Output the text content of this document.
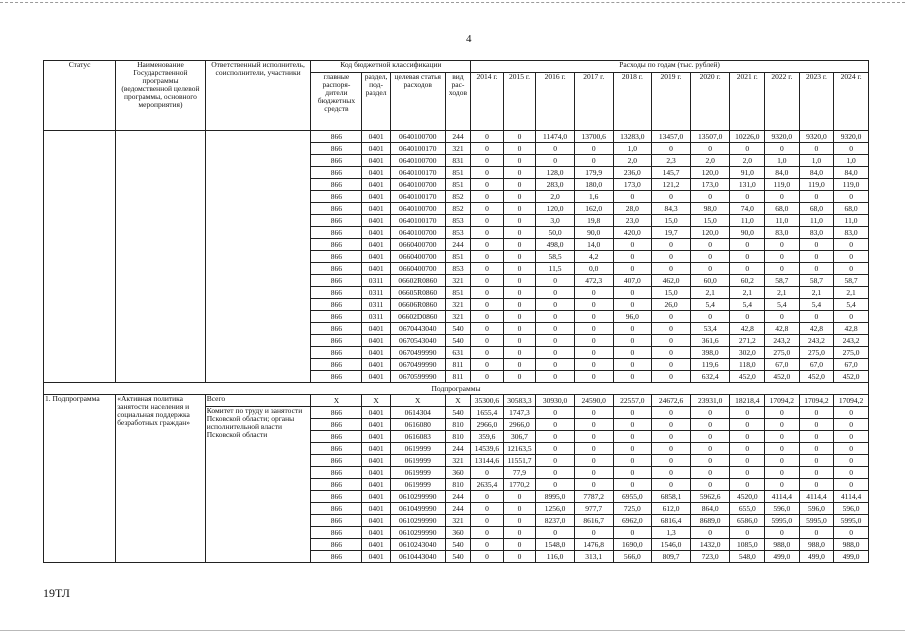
4
Статус	Наименование Государственной программы (ведомственной целевой программы, основного мероприятия)	Ответственный исполнитель, соисполнители, участники	Код бюджетной классификации				Расходы по годам (тыс. рублей)										
			главные распоря-дители бюджетных средств	раздел, под-раздел	целевая статья расходов	вид рас-ходов	2014 г.	2015 г.	2016 г.	2017 г.	2018 г.	2019 г.	2020 г.	2021 г.	2022 г.	2023 г.	2024 г.
			866	0401	0640100700	244	0	0	11474,0	13700,6	13283,0	13457,0	13507,0	10226,0	9320,0	9320,0	9320,0
			866	0401	0640100170	321	0	0	0	0	1,0	0	0	0	0	0	0
			866	0401	0640100700	831	0	0	0	0	2,0	2,3	2,0	2,0	1,0	1,0	1,0
			866	0401	0640100170	851	0	0	128,0	179,9	236,0	145,7	120,0	91,0	84,0	84,0	84,0
			866	0401	0640100700	851	0	0	283,0	180,0	173,0	121,2	173,0	131,0	119,0	119,0	119,0
			866	0401	0640100170	852	0	0	2,0	1,6	0	0	0	0	0	0	0
			866	0401	0640100700	852	0	0	120,0	162,0	28,0	84,3	98,0	74,0	68,0	68,0	68,0
			866	0401	0640100170	853	0	0	3,0	19,8	23,0	15,0	15,0	11,0	11,0	11,0	11,0
			866	0401	0640100700	853	0	0	50,0	90,0	420,0	19,7	120,0	90,0	83,0	83,0	83,0
			866	0401	0660400700	244	0	0	498,0	14,0	0	0	0	0	0	0	0
			866	0401	0660400700	851	0	0	58,5	4,2	0	0	0	0	0	0	0
			866	0401	0660400700	853	0	0	11,5	0,0	0	0	0	0	0	0	0
			866	0311	06602R0860	321	0	0	0	472,3	407,0	462,0	60,0	60,2	58,7	58,7	58,7
			866	0311	06605R0860	851	0	0	0	0	0	15,0	2,1	2,1	2,1	2,1	2,1
			866	0311	06606R0860	321	0	0	0	0	0	26,0	5,4	5,4	5,4	5,4	5,4
			866	0311	06602D0860	321	0	0	0	0	96,0	0	0	0	0	0	0
			866	0401	0670443040	540	0	0	0	0	0	0	53,4	42,8	42,8	42,8	42,8
			866	0401	0670543040	540	0	0	0	0	0	0	361,6	271,2	243,2	243,2	243,2
			866	0401	0670499990	631	0	0	0	0	0	0	398,0	302,0	275,0	275,0	275,0
			866	0401	0670499990	811	0	0	0	0	0	0	119,6	118,0	67,0	67,0	67,0
			866	0401	0670599990	811	0	0	0	0	0	0	632,4	452,0	452,0	452,0	452,0
Подпрограммы																	
1. Подпрограмма	«Активная политика занятости населения и социальная поддержка безработных граждан»	Всего	X	X	X	X	35300,6	30583,3	30930,0	24590,0	22557,0	24672,6	23931,0	18218,4	17094,2	17094,2	17094,2
		Комитет по труду и занятости Псковской области; органы исполнительной власти Псковской области	866	0401	0614304	540	1655,4	1747,3	0	0	0	0	0	0	0	0	0
			866	0401	0616080	810	2966,0	2966,0	0	0	0	0	0	0	0	0	0
			866	0401	0616083	810	359,6	306,7	0	0	0	0	0	0	0	0	0
			866	0401	0619999	244	14539,6	12163,5	0	0	0	0	0	0	0	0	0
			866	0401	0619999	321	13144,6	11551,7	0	0	0	0	0	0	0	0	0
			866	0401	0619999	360	0	77,9	0	0	0	0	0	0	0	0	0
			866	0401	0619999	810	2635,4	1770,2	0	0	0	0	0	0	0	0	0
			866	0401	0610299990	244	0	0	8995,0	7787,2	6955,0	6858,1	5962,6	4520,0	4114,4	4114,4	4114,4
			866	0401	0610499990	244	0	0	1256,0	977,7	725,0	612,0	864,0	655,0	596,0	596,0	596,0
			866	0401	0610299990	321	0	0	8237,0	8616,7	6962,0	6816,4	8689,0	6586,0	5995,0	5995,0	5995,0
			866	0401	0610299990	360	0	0	0	0	0	1,3	0	0	0	0	0
			866	0401	0610243040	540	0	0	1548,0	1476,8	1690,0	1546,0	1432,0	1085,0	988,0	988,0	988,0
			866	0401	0610443040	540	0	0	116,0	313,1	566,0	809,7	723,0	548,0	499,0	499,0	499,0
19ТЛ
